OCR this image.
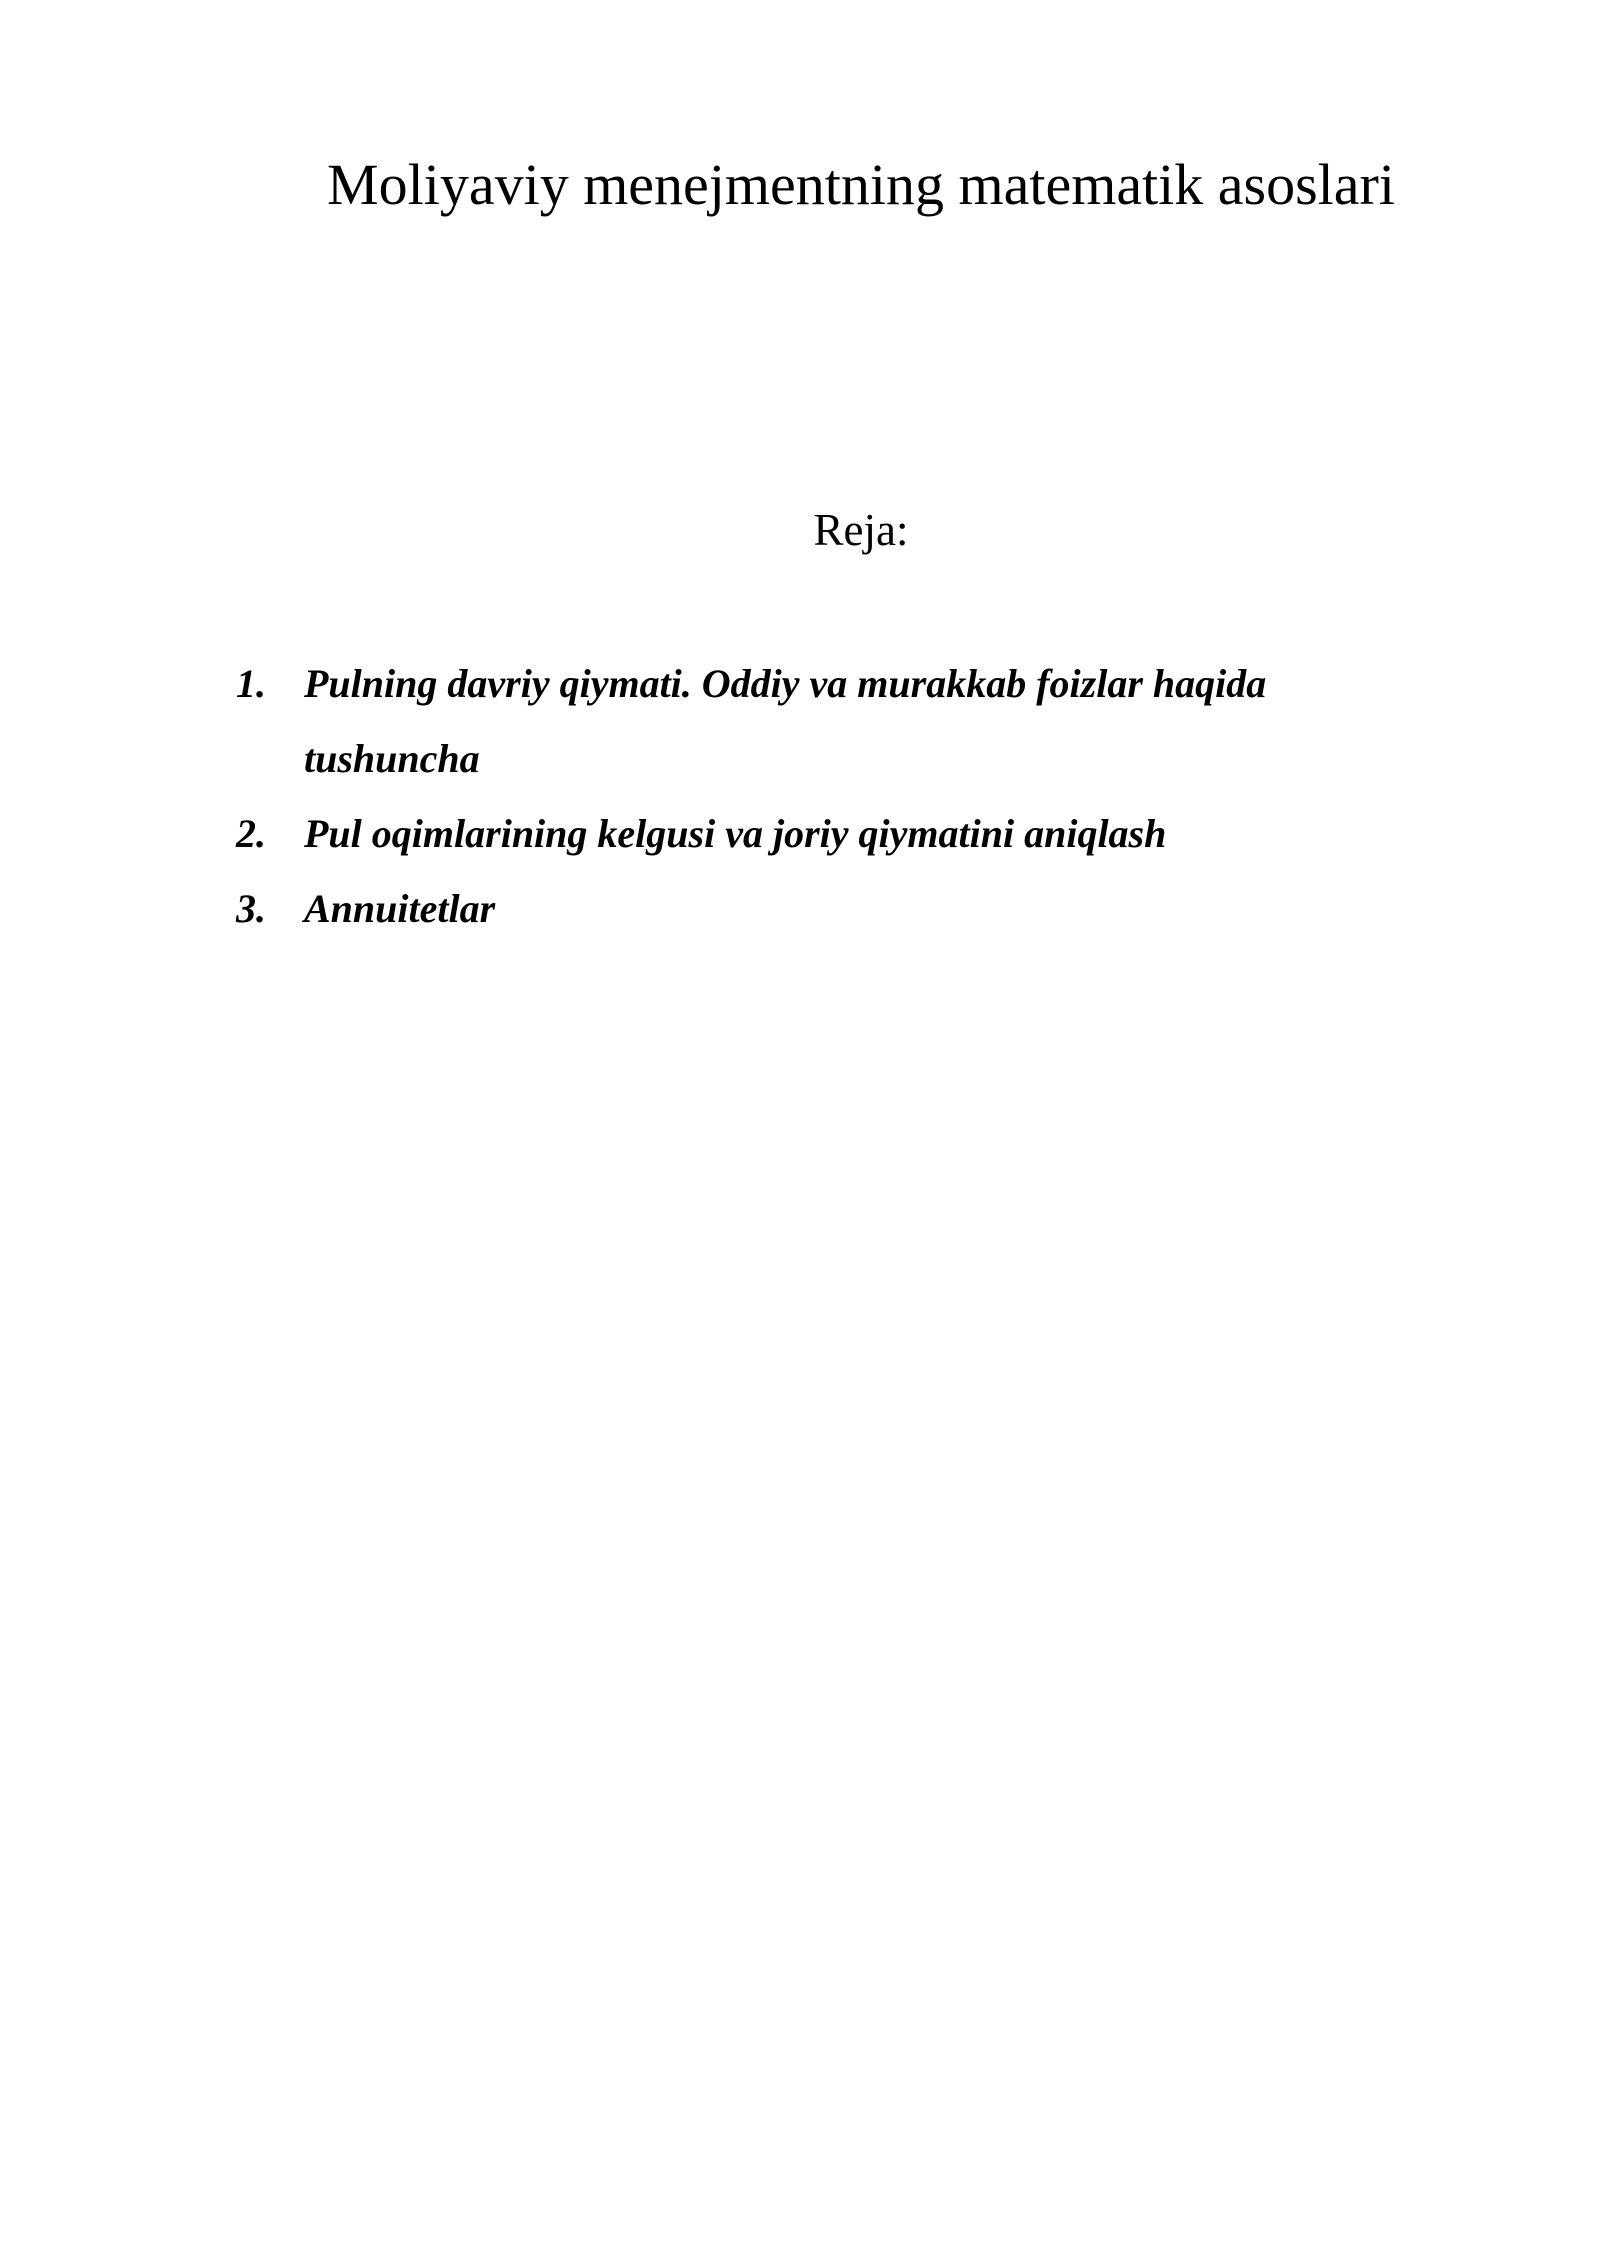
Moliyaviy menejmentning matematik asoslari
Reja:
1. Pulning davriy qiymati. Oddiy va murakkab foizlar haqida tushuncha
2. Pul oqimlarining kelgusi va joriy qiymatini aniqlash
3. Annuitetlar
